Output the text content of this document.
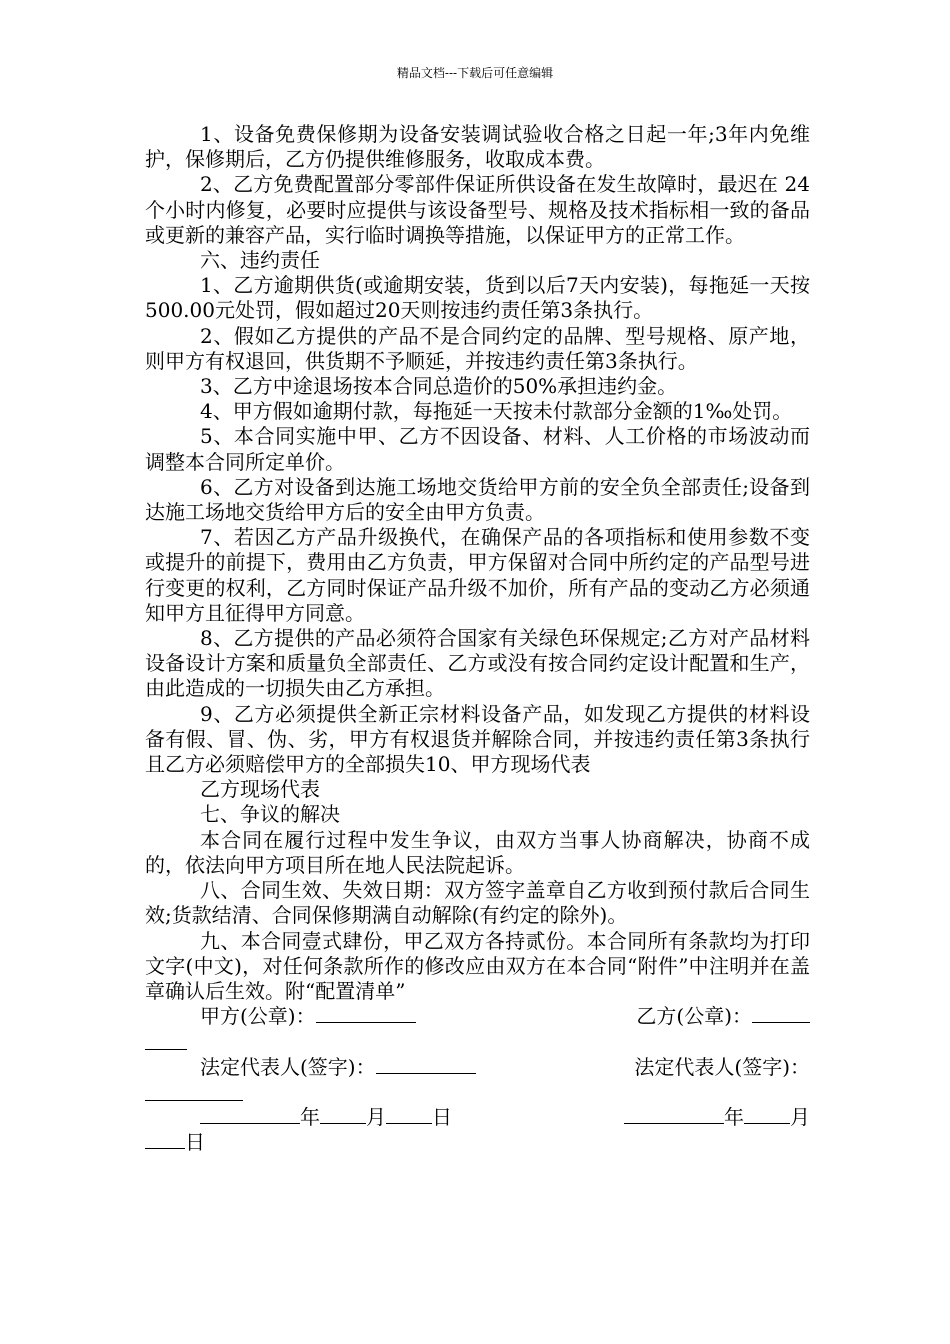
精品文档---下载后可任意编辑

1、设备免费保修期为设备安装调试验收合格之日起一年;3年内免维护，保修期后，乙方仍提供维修服务，收取成本费。

2、乙方免费配置部分零部件保证所供设备在发生故障时，最迟在 24个小时内修复，必要时应提供与该设备型号、规格及技术指标相一致的备品或更新的兼容产品，实行临时调换等措施，以保证甲方的正常工作。

六、违约责任

1、乙方逾期供货(或逾期安装，货到以后7天内安装)，每拖延一天按500.00元处罚，假如超过20天则按违约责任第3条执行。

2、假如乙方提供的产品不是合同约定的品牌、型号规格、原产地，则甲方有权退回，供货期不予顺延，并按违约责任第3条执行。

3、乙方中途退场按本合同总造价的50%承担违约金。

4、甲方假如逾期付款，每拖延一天按未付款部分金额的1‰处罚。

5、本合同实施中甲、乙方不因设备、材料、人工价格的市场波动而调整本合同所定单价。

6、乙方对设备到达施工场地交货给甲方前的安全负全部责任;设备到达施工场地交货给甲方后的安全由甲方负责。

7、若因乙方产品升级换代，在确保产品的各项指标和使用参数不变或提升的前提下，费用由乙方负责，甲方保留对合同中所约定的产品型号进行变更的权利，乙方同时保证产品升级不加价，所有产品的变动乙方必须通知甲方且征得甲方同意。

8、乙方提供的产品必须符合国家有关绿色环保规定;乙方对产品材料设备设计方案和质量负全部责任、乙方或没有按合同约定设计配置和生产，由此造成的一切损失由乙方承担。

9、乙方必须提供全新正宗材料设备产品，如发现乙方提供的材料设备有假、冒、伪、劣，甲方有权退货并解除合同，并按违约责任第3条执行且乙方必须赔偿甲方的全部损失10、甲方现场代表

乙方现场代表

七、争议的解决

本合同在履行过程中发生争议，由双方当事人协商解决，协商不成的，依法向甲方项目所在地人民法院起诉。

八、合同生效、失效日期：双方签字盖章自乙方收到预付款后合同生效;货款结清、合同保修期满自动解除(有约定的除外)。

九、本合同壹式肆份，甲乙双方各持贰份。本合同所有条款均为打印文字(中文)，对任何条款所作的修改应由双方在本合同“附件”中注明并在盖章确认后生效。附“配置清单”

甲方(公章)：	乙方(公章)：
法定代表人(签字)：	法定代表人(签字)：
年 月 日	年 月
日
